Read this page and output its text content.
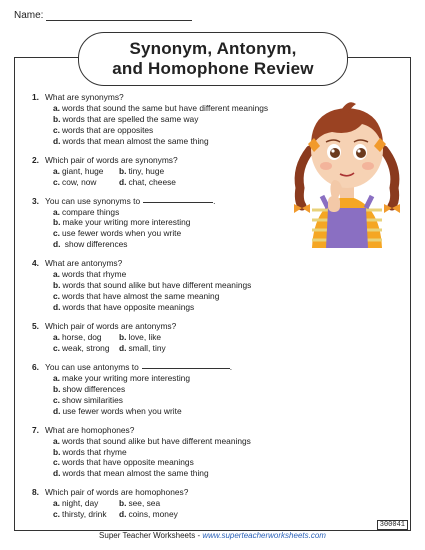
Name:
Synonym, Antonym,
and Homophone Review
1. What are synonyms?
a. words that sound the same but have different meanings
b. words that are spelled the same way
c. words that are opposites
d. words that mean almost the same thing
2. Which pair of words are synonyms?
a. giant, huge	b. tiny, huge
c. cow, now	d. chat, cheese
3. You can use synonyms to	.
a. compare things
b. make your writing more interesting
c. use fewer words when you write
d. show differences
4. What are antonyms?
a. words that rhyme
b. words that sound alike but have different meanings
c. words that have almost the same meaning
d. words that have opposite meanings
5. Which pair of words are antonyms?
a. horse, dog	b. love, like
c. weak, strong	d. small, tiny
6. You can use antonyms to	.
a. make your writing more interesting
b. show differences
c. show similarities
d. use fewer words when you write
7. What are homophones?
a. words that sound alike but have different meanings
b. words that rhyme
c. words that have opposite meanings
d. words that mean almost the same thing
8. Which pair of words are homophones?
a. night, day	b. see, sea
c. thirsty, drink	d. coins, money
300041
Super Teacher Worksheets - www.superteacherworksheets.com
